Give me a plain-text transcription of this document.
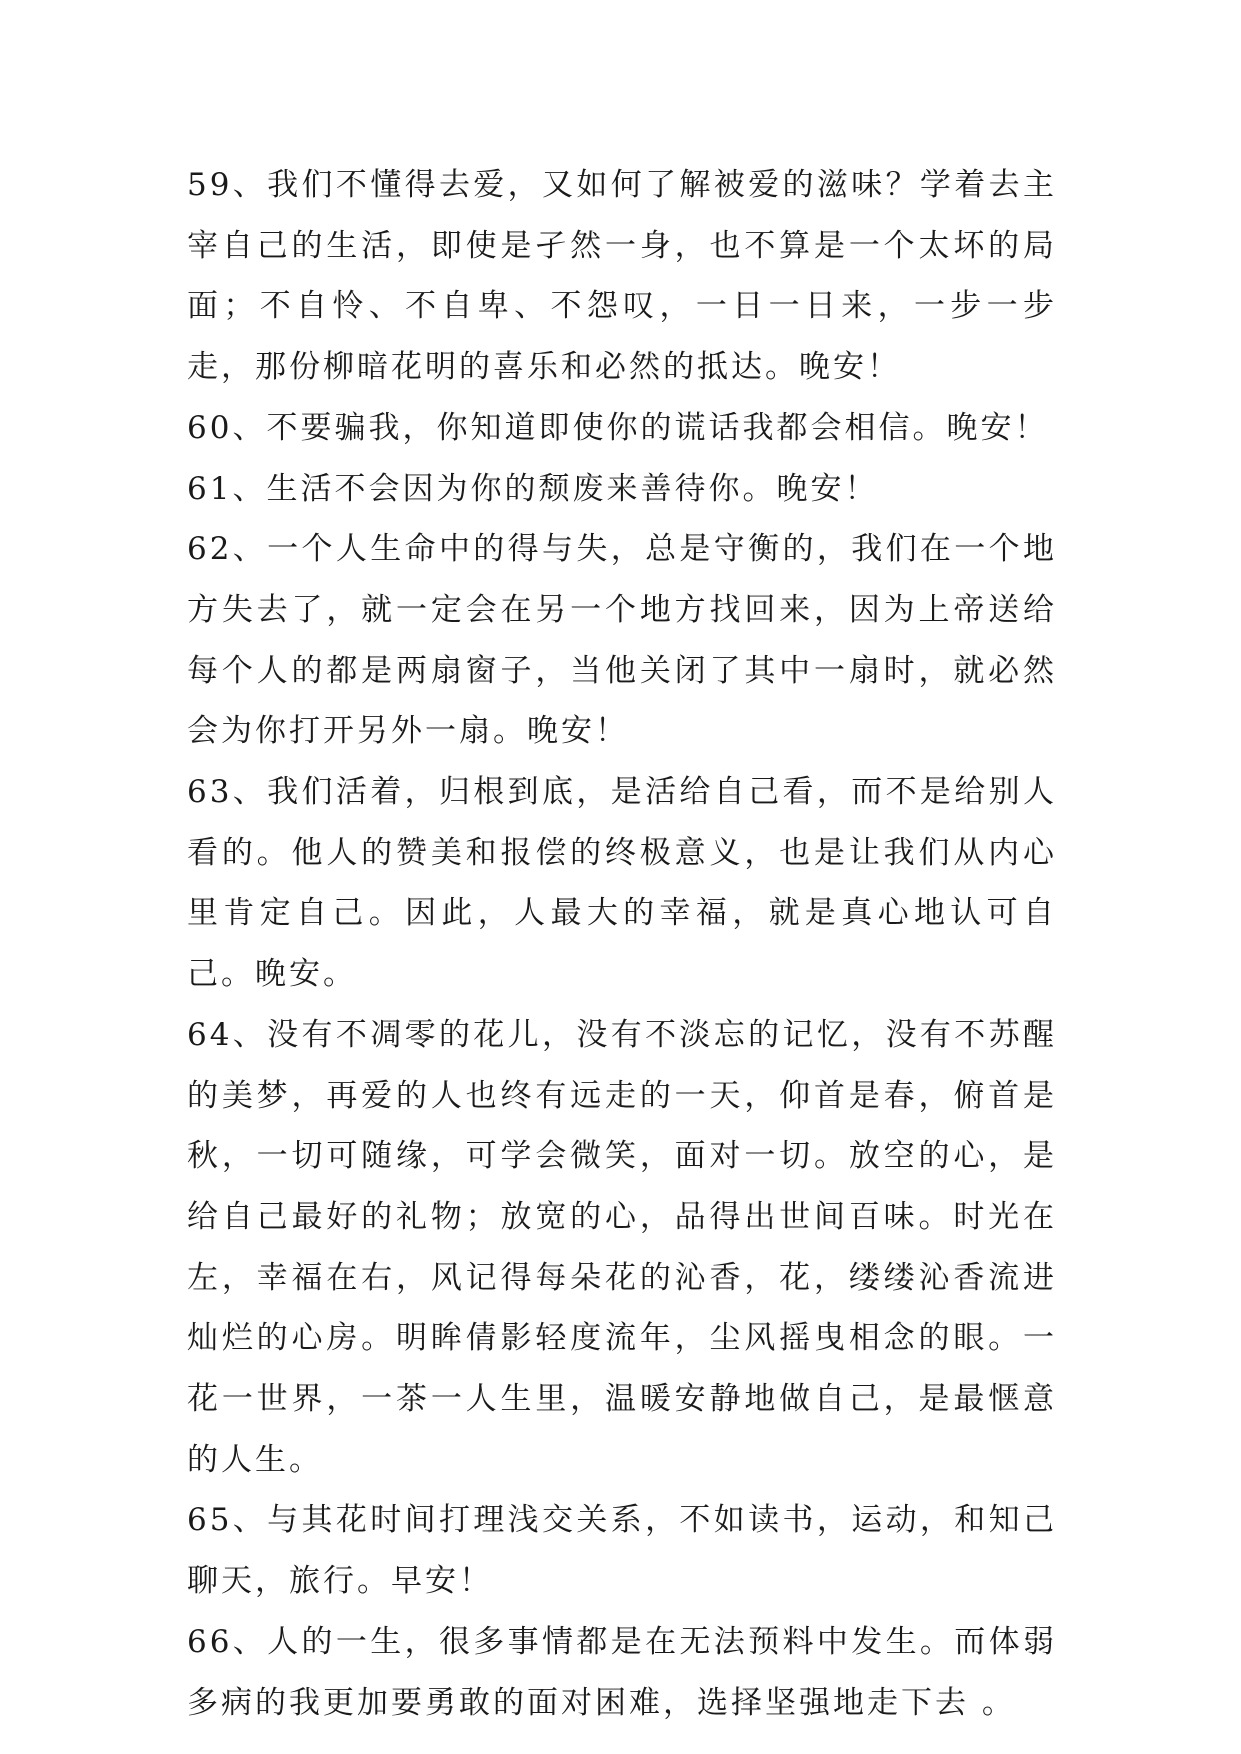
59、我们不懂得去爱，又如何了解被爱的滋味？学着去主宰自己的生活，即使是孑然一身，也不算是一个太坏的局面；不自怜、不自卑、不怨叹，一日一日来，一步一步走，那份柳暗花明的喜乐和必然的抵达。晚安！

60、不要骗我，你知道即使你的谎话我都会相信。晚安！

61、生活不会因为你的颓废来善待你。晚安！

62、一个人生命中的得与失，总是守衡的，我们在一个地方失去了，就一定会在另一个地方找回来，因为上帝送给每个人的都是两扇窗子，当他关闭了其中一扇时，就必然会为你打开另外一扇。晚安！

63、我们活着，归根到底，是活给自己看，而不是给别人看的。他人的赞美和报偿的终极意义，也是让我们从内心里肯定自己。因此，人最大的幸福，就是真心地认可自己。晚安。

64、没有不凋零的花儿，没有不淡忘的记忆，没有不苏醒的美梦，再爱的人也终有远走的一天，仰首是春，俯首是秋，一切可随缘，可学会微笑，面对一切。放空的心，是给自己最好的礼物；放宽的心，品得出世间百味。时光在左，幸福在右，风记得每朵花的沁香，花，缕缕沁香流进灿烂的心房。明眸倩影轻度流年，尘风摇曳相念的眼。一花一世界，一茶一人生里，温暖安静地做自己，是最惬意的人生。

65、与其花时间打理浅交关系，不如读书，运动，和知己聊天，旅行。早安！

66、人的一生，很多事情都是在无法预料中发生。而体弱多病的我更加要勇敢的面对困难，选择坚强地走下去 。
